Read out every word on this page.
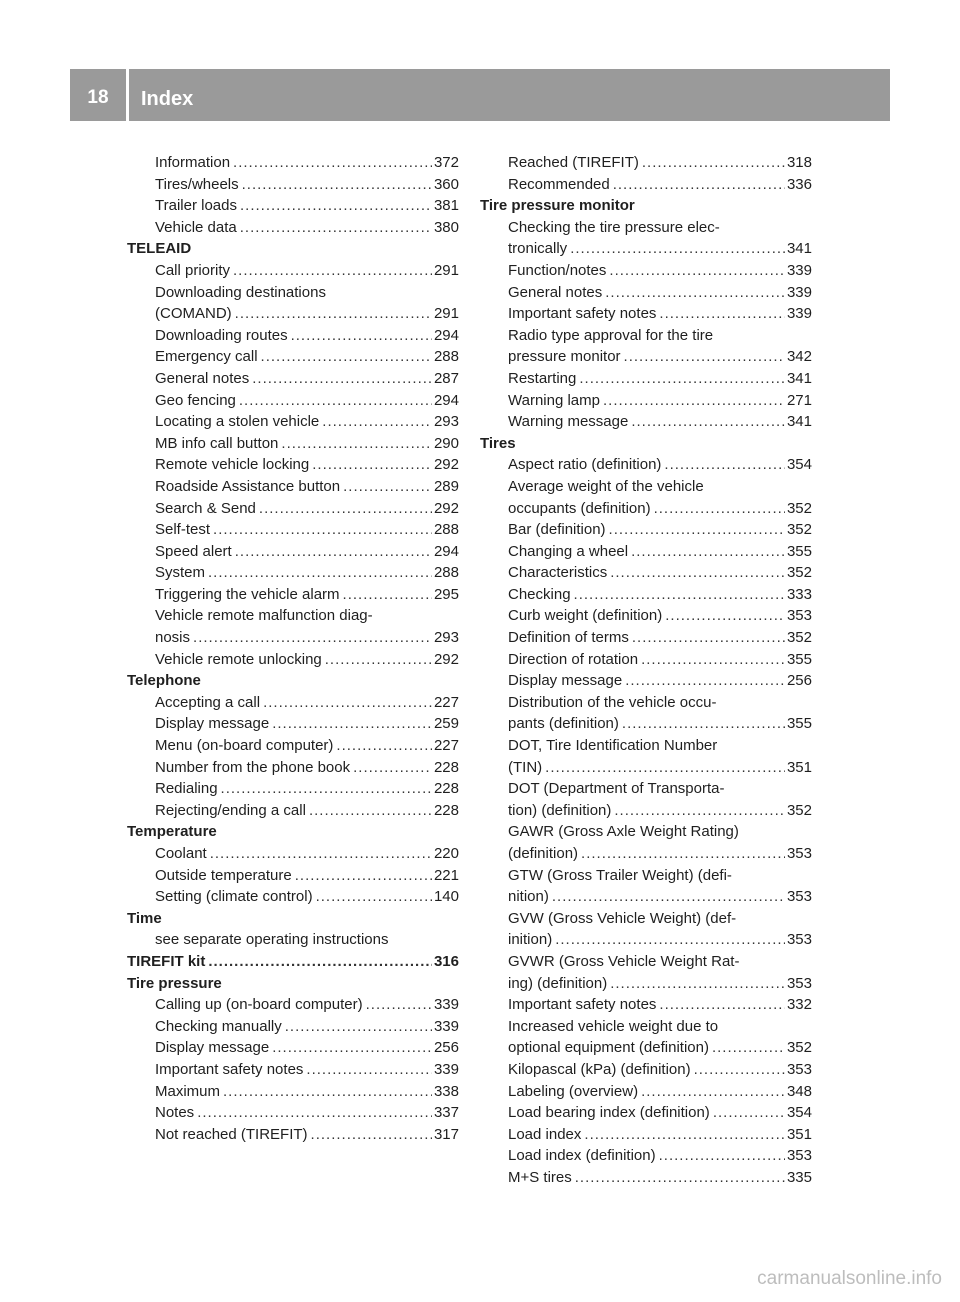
18	Index
Information .....	372
Tires/wheels .....	360
Trailer loads .....	381
Vehicle data .....	380
TELEAID
Call priority .....	291
Downloading destinations
(COMAND) .....	291
Downloading routes .....	294
Emergency call .....	288
General notes .....	287
Geo fencing .....	294
Locating a stolen vehicle .....	293
MB info call button .....	290
Remote vehicle locking .....	292
Roadside Assistance button .....	289
Search & Send .....	292
Self-test .....	288
Speed alert .....	294
System .....	288
Triggering the vehicle alarm .....	295
Vehicle remote malfunction diag-
nosis .....	293
Vehicle remote unlocking .....	292
Telephone
Accepting a call .....	227
Display message .....	259
Menu (on-board computer) .....	227
Number from the phone book .....	228
Redialing .....	228
Rejecting/ending a call .....	228
Temperature
Coolant .....	220
Outside temperature .....	221
Setting (climate control) .....	140
Time
see separate operating instructions
TIREFIT kit .....	316
Tire pressure
Calling up (on-board computer) .....	339
Checking manually .....	339
Display message .....	256
Important safety notes .....	339
Maximum .....	338
Notes .....	337
Not reached (TIREFIT) .....	317
Reached (TIREFIT) .....	318
Recommended .....	336
Tire pressure monitor
Checking the tire pressure elec-
tronically .....	341
Function/notes .....	339
General notes .....	339
Important safety notes .....	339
Radio type approval for the tire
pressure monitor .....	342
Restarting .....	341
Warning lamp .....	271
Warning message .....	341
Tires
Aspect ratio (definition) .....	354
Average weight of the vehicle
occupants (definition) .....	352
Bar (definition) .....	352
Changing a wheel .....	355
Characteristics .....	352
Checking .....	333
Curb weight (definition) .....	353
Definition of terms .....	352
Direction of rotation .....	355
Display message .....	256
Distribution of the vehicle occu-
pants (definition) .....	355
DOT, Tire Identification Number
(TIN) .....	351
DOT (Department of Transporta-
tion) (definition) .....	352
GAWR (Gross Axle Weight Rating)
(definition) .....	353
GTW (Gross Trailer Weight) (defi-
nition) .....	353
GVW (Gross Vehicle Weight) (def-
inition) .....	353
GVWR (Gross Vehicle Weight Rat-
ing) (definition) .....	353
Important safety notes .....	332
Increased vehicle weight due to
optional equipment (definition) .....	352
Kilopascal (kPa) (definition) .....	353
Labeling (overview) .....	348
Load bearing index (definition) .....	354
Load index .....	351
Load index (definition) .....	353
M+S tires .....	335
carmanualsonline.info
